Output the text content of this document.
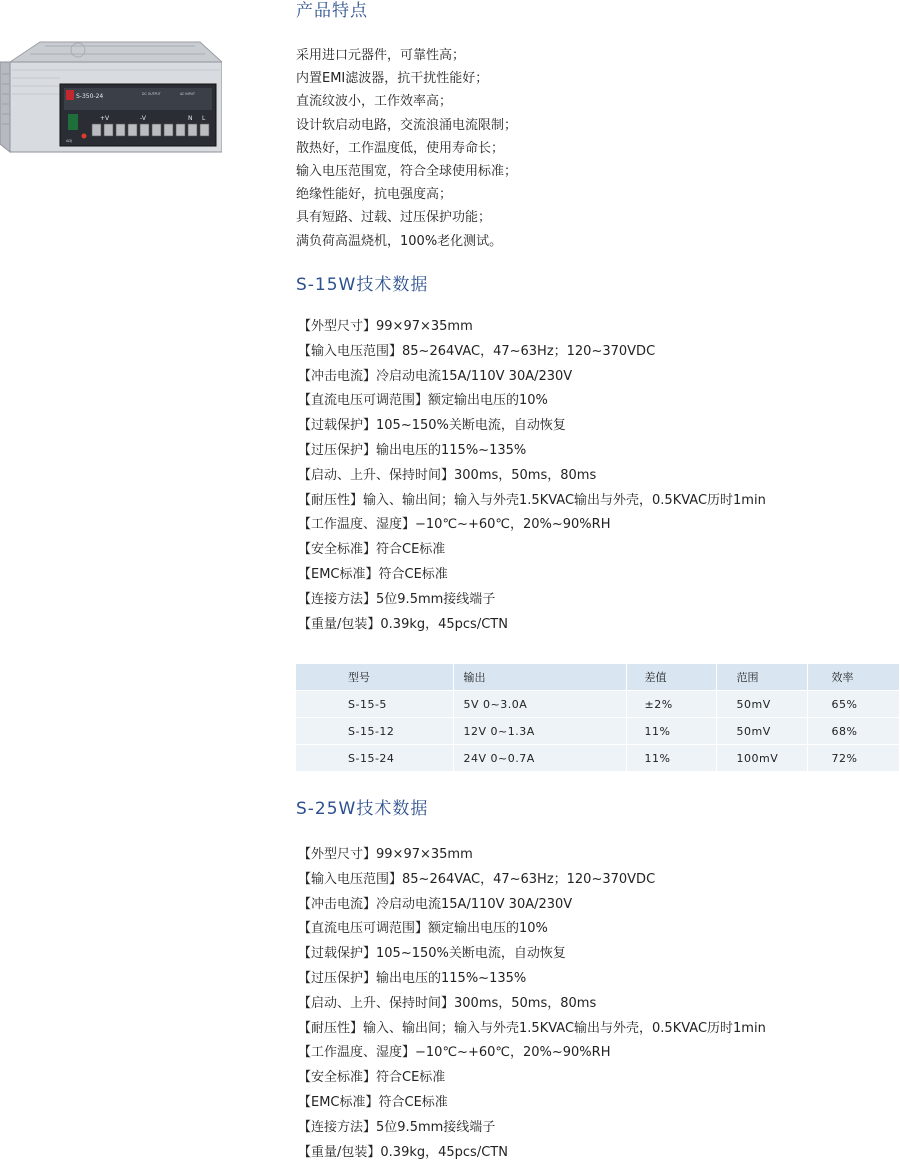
S-350-24	DC OUTPUT	AC INPUT
+V	-V	N L
ADJ
产品特点
采用进口元器件，可靠性高；
内置EMI滤波器，抗干扰性能好；
直流纹波小，工作效率高；
设计软启动电路，交流浪涌电流限制；
散热好，工作温度低，使用寿命长；
输入电压范围宽，符合全球使用标准；
绝缘性能好，抗电强度高；
具有短路、过载、过压保护功能；
满负荷高温烧机，100%老化测试。
S-15W技术数据
【外型尺寸】99×97×35mm
【输入电压范围】85~264VAC，47~63Hz；120~370VDC
【冲击电流】冷启动电流15A/110V 30A/230V
【直流电压可调范围】额定输出电压的10%
【过载保护】105~150%关断电流，自动恢复
【过压保护】输出电压的115%~135%
【启动、上升、保持时间】300ms，50ms，80ms
【耐压性】输入、输出间；输入与外壳1.5KVAC输出与外壳，0.5KVAC历时1min
【工作温度、湿度】−10℃~+60℃，20%~90%RH
【安全标准】符合CE标准
【EMC标准】符合CE标准
【连接方法】5位9.5mm接线端子
【重量/包装】0.39kg，45pcs/CTN
型号	输出	差值	范围	效率
S-15-5	5V 0~3.0A	±2%	50mV	65%
S-15-12	12V 0~1.3A	11%	50mV	68%
S-15-24	24V 0~0.7A	11%	100mV	72%
S-25W技术数据
【外型尺寸】99×97×35mm
【输入电压范围】85~264VAC，47~63Hz；120~370VDC
【冲击电流】冷启动电流15A/110V 30A/230V
【直流电压可调范围】额定输出电压的10%
【过载保护】105~150%关断电流，自动恢复
【过压保护】输出电压的115%~135%
【启动、上升、保持时间】300ms，50ms，80ms
【耐压性】输入、输出间；输入与外壳1.5KVAC输出与外壳，0.5KVAC历时1min
【工作温度、湿度】−10℃~+60℃，20%~90%RH
【安全标准】符合CE标准
【EMC标准】符合CE标准
【连接方法】5位9.5mm接线端子
【重量/包装】0.39kg，45pcs/CTN
